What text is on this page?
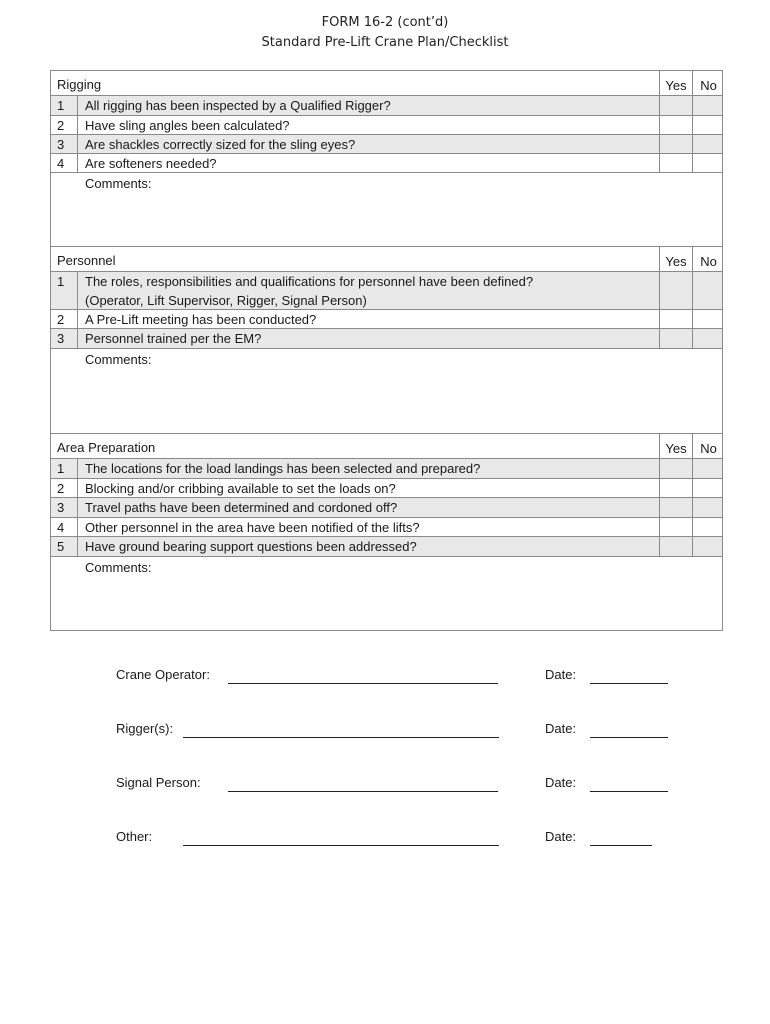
FORM 16-2 (cont’d)
Standard Pre-Lift Crane Plan/Checklist
Rigging	Yes	No
1	All rigging has been inspected by a Qualified Rigger?
2	Have sling angles been calculated?
3	Are shackles correctly sized for the sling eyes?
4	Are softeners needed?
Comments:
Personnel	Yes	No
1	The roles, responsibilities and qualifications for personnel have been defined?
(Operator, Lift Supervisor, Rigger, Signal Person)
2	A Pre-Lift meeting has been conducted?
3	Personnel trained per the EM?
Comments:
Area Preparation	Yes	No
1	The locations for the load landings has been selected and prepared?
2	Blocking and/or cribbing available to set the loads on?
3	Travel paths have been determined and cordoned off?
4	Other personnel in the area have been notified of the lifts?
5	Have ground bearing support questions been addressed?
Comments:
Crane Operator:	Date:
Rigger(s):	Date:
Signal Person:	Date:
Other:	Date:
